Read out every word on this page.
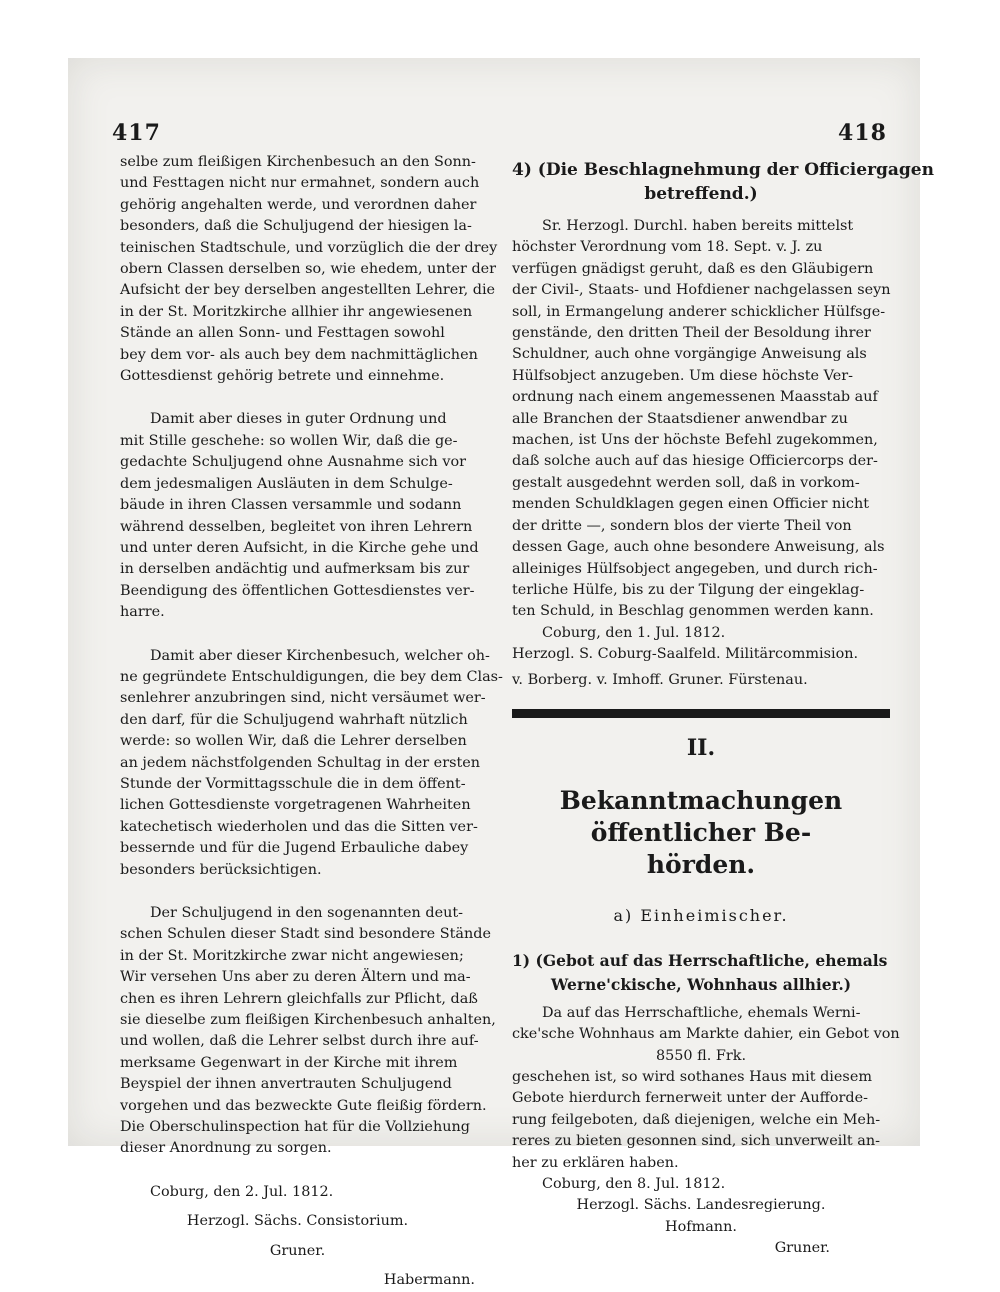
417	418
selbe zum fleißigen Kirchenbesuch an den Sonn-
und Festtagen nicht nur ermahnet, sondern auch
gehörig angehalten werde, und verordnen daher
besonders, daß die Schuljugend der hiesigen la-
teinischen Stadtschule, und vorzüglich die der drey
obern Classen derselben so, wie ehedem, unter der
Aufsicht der bey derselben angestellten Lehrer, die
in der St. Moritzkirche allhier ihr angewiesenen
Stände an allen Sonn- und Festtagen sowohl
bey dem vor- als auch bey dem nachmittäglichen
Gottesdienst gehörig betrete und einnehme.
Damit aber dieses in guter Ordnung und
mit Stille geschehe: so wollen Wir, daß die ge-
gedachte Schuljugend ohne Ausnahme sich vor
dem jedesmaligen Ausläuten in dem Schulge-
bäude in ihren Classen versammle und sodann
während desselben, begleitet von ihren Lehrern
und unter deren Aufsicht, in die Kirche gehe und
in derselben andächtig und aufmerksam bis zur
Beendigung des öffentlichen Gottesdienstes ver-
harre.
Damit aber dieser Kirchenbesuch, welcher oh-
ne gegründete Entschuldigungen, die bey dem Clas-
senlehrer anzubringen sind, nicht versäumet wer-
den darf, für die Schuljugend wahrhaft nützlich
werde: so wollen Wir, daß die Lehrer derselben
an jedem nächstfolgenden Schultag in der ersten
Stunde der Vormittagsschule die in dem öffent-
lichen Gottesdienste vorgetragenen Wahrheiten
katechetisch wiederholen und das die Sitten ver-
bessernde und für die Jugend Erbauliche dabey
besonders berücksichtigen.
Der Schuljugend in den sogenannten deut-
schen Schulen dieser Stadt sind besondere Stände
in der St. Moritzkirche zwar nicht angewiesen;
Wir versehen Uns aber zu deren Ältern und ma-
chen es ihren Lehrern gleichfalls zur Pflicht, daß
sie dieselbe zum fleißigen Kirchenbesuch anhalten,
und wollen, daß die Lehrer selbst durch ihre auf-
merksame Gegenwart in der Kirche mit ihrem
Beyspiel der ihnen anvertrauten Schuljugend
vorgehen und das bezweckte Gute fleißig fördern.
Die Oberschulinspection hat für die Vollziehung
dieser Anordnung zu sorgen.
Coburg, den 2. Jul. 1812.
Herzogl. Sächs. Consistorium.
Gruner.
Habermann.
4) (Die Beschlagnehmung der Officiergagen
betreffend.)
Sr. Herzogl. Durchl. haben bereits mittelst
höchster Verordnung vom 18. Sept. v. J. zu
verfügen gnädigst geruht, daß es den Gläubigern
der Civil-, Staats- und Hofdiener nachgelassen seyn
soll, in Ermangelung anderer schicklicher Hülfsge-
genstände, den dritten Theil der Besoldung ihrer
Schuldner, auch ohne vorgängige Anweisung als
Hülfsobject anzugeben. Um diese höchste Ver-
ordnung nach einem angemessenen Maasstab auf
alle Branchen der Staatsdiener anwendbar zu
machen, ist Uns der höchste Befehl zugekommen,
daß solche auch auf das hiesige Officiercorps der-
gestalt ausgedehnt werden soll, daß in vorkom-
menden Schuldklagen gegen einen Officier nicht
der dritte —, sondern blos der vierte Theil von
dessen Gage, auch ohne besondere Anweisung, als
alleiniges Hülfsobject angegeben, und durch rich-
terliche Hülfe, bis zu der Tilgung der eingeklag-
ten Schuld, in Beschlag genommen werden kann.
Coburg, den 1. Jul. 1812.
Herzogl. S. Coburg-Saalfeld. Militärcommision.
v. Borberg. v. Imhoff. Gruner. Fürstenau.
II.
Bekanntmachungen öffentlicher Be-
hörden.
a) Einheimischer.
1) (Gebot auf das Herrschaftliche, ehemals
Werne'ckische, Wohnhaus allhier.)
Da auf das Herrschaftliche, ehemals Werni-
cke'sche Wohnhaus am Markte dahier, ein Gebot von
8550 fl. Frk.
geschehen ist, so wird sothanes Haus mit diesem
Gebote hierdurch fernerweit unter der Aufforde-
rung feilgeboten, daß diejenigen, welche ein Meh-
reres zu bieten gesonnen sind, sich unverweilt an-
her zu erklären haben.
Coburg, den 8. Jul. 1812.
Herzogl. Sächs. Landesregierung.
Hofmann.
Gruner.
